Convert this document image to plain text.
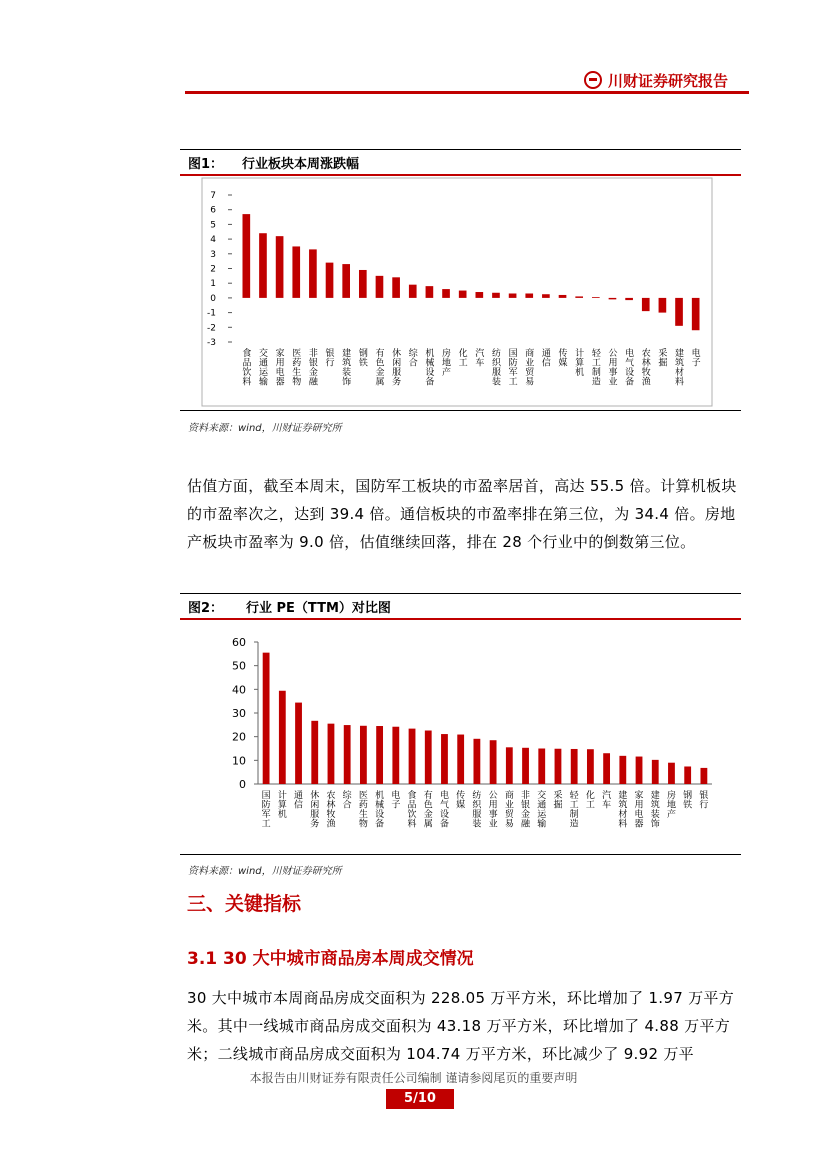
川财证券研究报告
图1： 行业板块本周涨跌幅
7
6
5
4
3
2
1
0
-1
-2
-3
食品饮料
交通运输
家用电器
医药生物
非银金融
银行
建筑装饰
钢铁
有色金属
休闲服务
综合
机械设备
房地产
化工
汽车
纺织服装
国防军工
商业贸易
通信
传媒
计算机
轻工制造
公用事业
电气设备
农林牧渔
采掘
建筑材料
电子
资料来源：wind，川财证券研究所
估值方面，截至本周末，国防军工板块的市盈率居首，高达 55.5 倍。计算机板块的市盈率次之，达到 39.4 倍。通信板块的市盈率排在第三位，为 34.4 倍。房地产板块市盈率为 9.0 倍，估值继续回落，排在 28 个行业中的倒数第三位。
图2： 行业 PE（TTM）对比图
0
10
20
30
40
50
60
国防军工
计算机
通信
休闲服务
农林牧渔
综合
医药生物
机械设备
电子
食品饮料
有色金属
电气设备
传媒
纺织服装
公用事业
商业贸易
非银金融
交通运输
采掘
轻工制造
化工
汽车
建筑材料
家用电器
建筑装饰
房地产
钢铁
银行
资料来源：wind，川财证券研究所
三、关键指标
3.1 30 大中城市商品房本周成交情况
30 大中城市本周商品房成交面积为 228.05 万平方米，环比增加了 1.97 万平方米。其中一线城市商品房成交面积为 43.18 万平方米，环比增加了 4.88 万平方米；二线城市商品房成交面积为 104.74 万平方米，环比减少了 9.92 万平
本报告由川财证券有限责任公司编制 谨请参阅尾页的重要声明
5/10
